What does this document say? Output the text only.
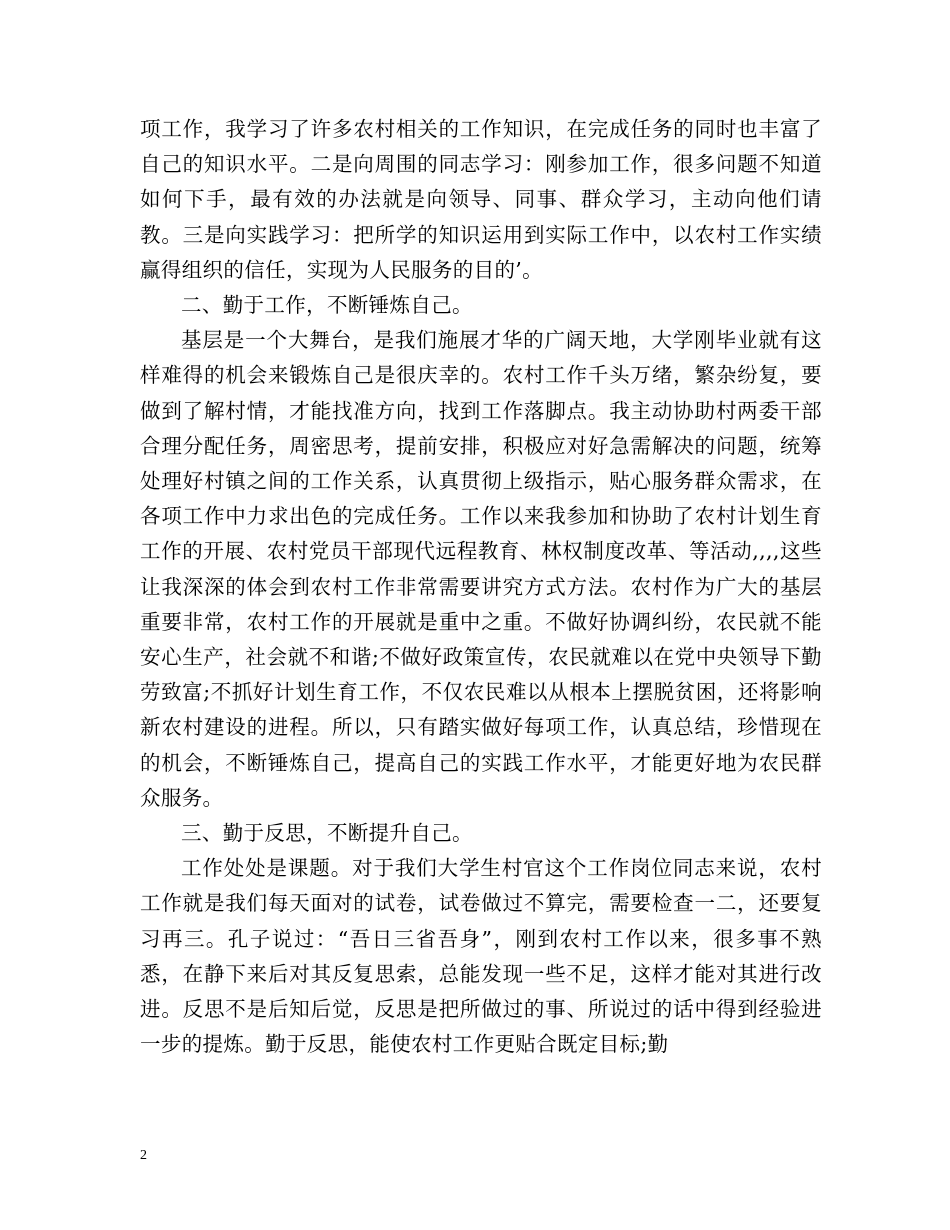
项工作，我学习了许多农村相关的工作知识，在完成任务的同时也丰富了自己的知识水平。二是向周围的同志学习：刚参加工作，很多问题不知道如何下手，最有效的办法就是向领导、同事、群众学习，主动向他们请教。三是向实践学习：把所学的知识运用到实际工作中，以农村工作实绩赢得组织的信任，实现为人民服务的目的’。

二、勤于工作，不断锤炼自己。

基层是一个大舞台，是我们施展才华的广阔天地，大学刚毕业就有这样难得的机会来锻炼自己是很庆幸的。农村工作千头万绪，繁杂纷复，要做到了解村情，才能找准方向，找到工作落脚点。我主动协助村两委干部合理分配任务，周密思考，提前安排，积极应对好急需解决的问题，统筹处理好村镇之间的工作关系，认真贯彻上级指示，贴心服务群众需求，在各项工作中力求出色的完成任务。工作以来我参加和协助了农村计划生育工作的开展、农村党员干部现代远程教育、林权制度改革、等活动,,,,这些让我深深的体会到农村工作非常需要讲究方式方法。农村作为广大的基层重要非常，农村工作的开展就是重中之重。不做好协调纠纷，农民就不能安心生产，社会就不和谐;不做好政策宣传，农民就难以在党中央领导下勤劳致富;不抓好计划生育工作，不仅农民难以从根本上摆脱贫困，还将影响新农村建设的进程。所以，只有踏实做好每项工作，认真总结，珍惜现在的机会，不断锤炼自己，提高自己的实践工作水平，才能更好地为农民群众服务。

三、勤于反思，不断提升自己。

工作处处是课题。对于我们大学生村官这个工作岗位同志来说，农村工作就是我们每天面对的试卷，试卷做过不算完，需要检查一二，还要复习再三。孔子说过：“吾日三省吾身”，刚到农村工作以来，很多事不熟悉，在静下来后对其反复思索，总能发现一些不足，这样才能对其进行改进。反思不是后知后觉，反思是把所做过的事、所说过的话中得到经验进一步的提炼。勤于反思，能使农村工作更贴合既定目标;勤

2
